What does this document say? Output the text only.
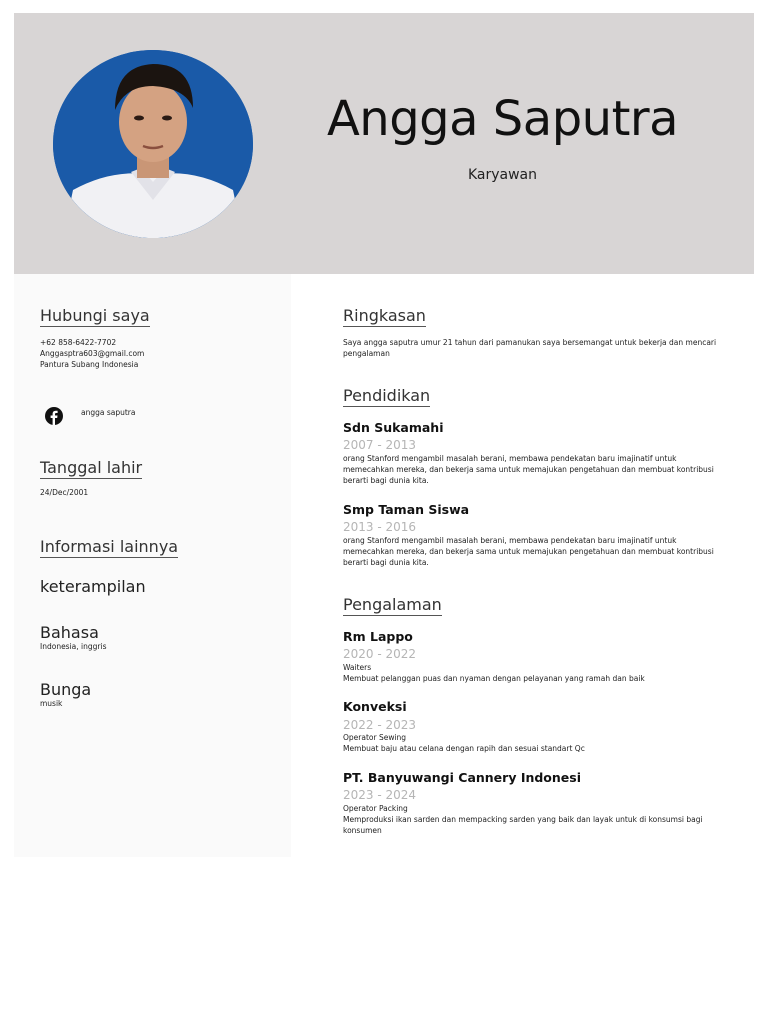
Angga Saputra
Karyawan
Hubungi saya
+62 858-6422-7702
Anggasptra603@gmail.com
Pantura Subang Indonesia
angga saputra
Tanggal lahir
24/Dec/2001
Informasi lainnya
keterampilan
Bahasa
Indonesia, inggris
Bunga
musik
Ringkasan
Saya angga saputra umur 21 tahun dari pamanukan saya bersemangat untuk bekerja dan mencari pengalaman
Pendidikan
Sdn Sukamahi
2007 - 2013
orang Stanford mengambil masalah berani, membawa pendekatan baru imajinatif untuk memecahkan mereka, dan bekerja sama untuk memajukan pengetahuan dan membuat kontribusi berarti bagi dunia kita.
Smp Taman Siswa
2013 - 2016
orang Stanford mengambil masalah berani, membawa pendekatan baru imajinatif untuk memecahkan mereka, dan bekerja sama untuk memajukan pengetahuan dan membuat kontribusi berarti bagi dunia kita.
Pengalaman
Rm Lappo
2020 - 2022
Waiters
Membuat pelanggan puas dan nyaman dengan pelayanan yang ramah dan baik
Konveksi
2022 - 2023
Operator Sewing
Membuat baju atau celana dengan rapih dan sesuai standart Qc
PT. Banyuwangi Cannery Indonesi
2023 - 2024
Operator Packing
Memproduksi ikan sarden dan mempacking sarden yang baik dan layak untuk di konsumsi bagi konsumen
